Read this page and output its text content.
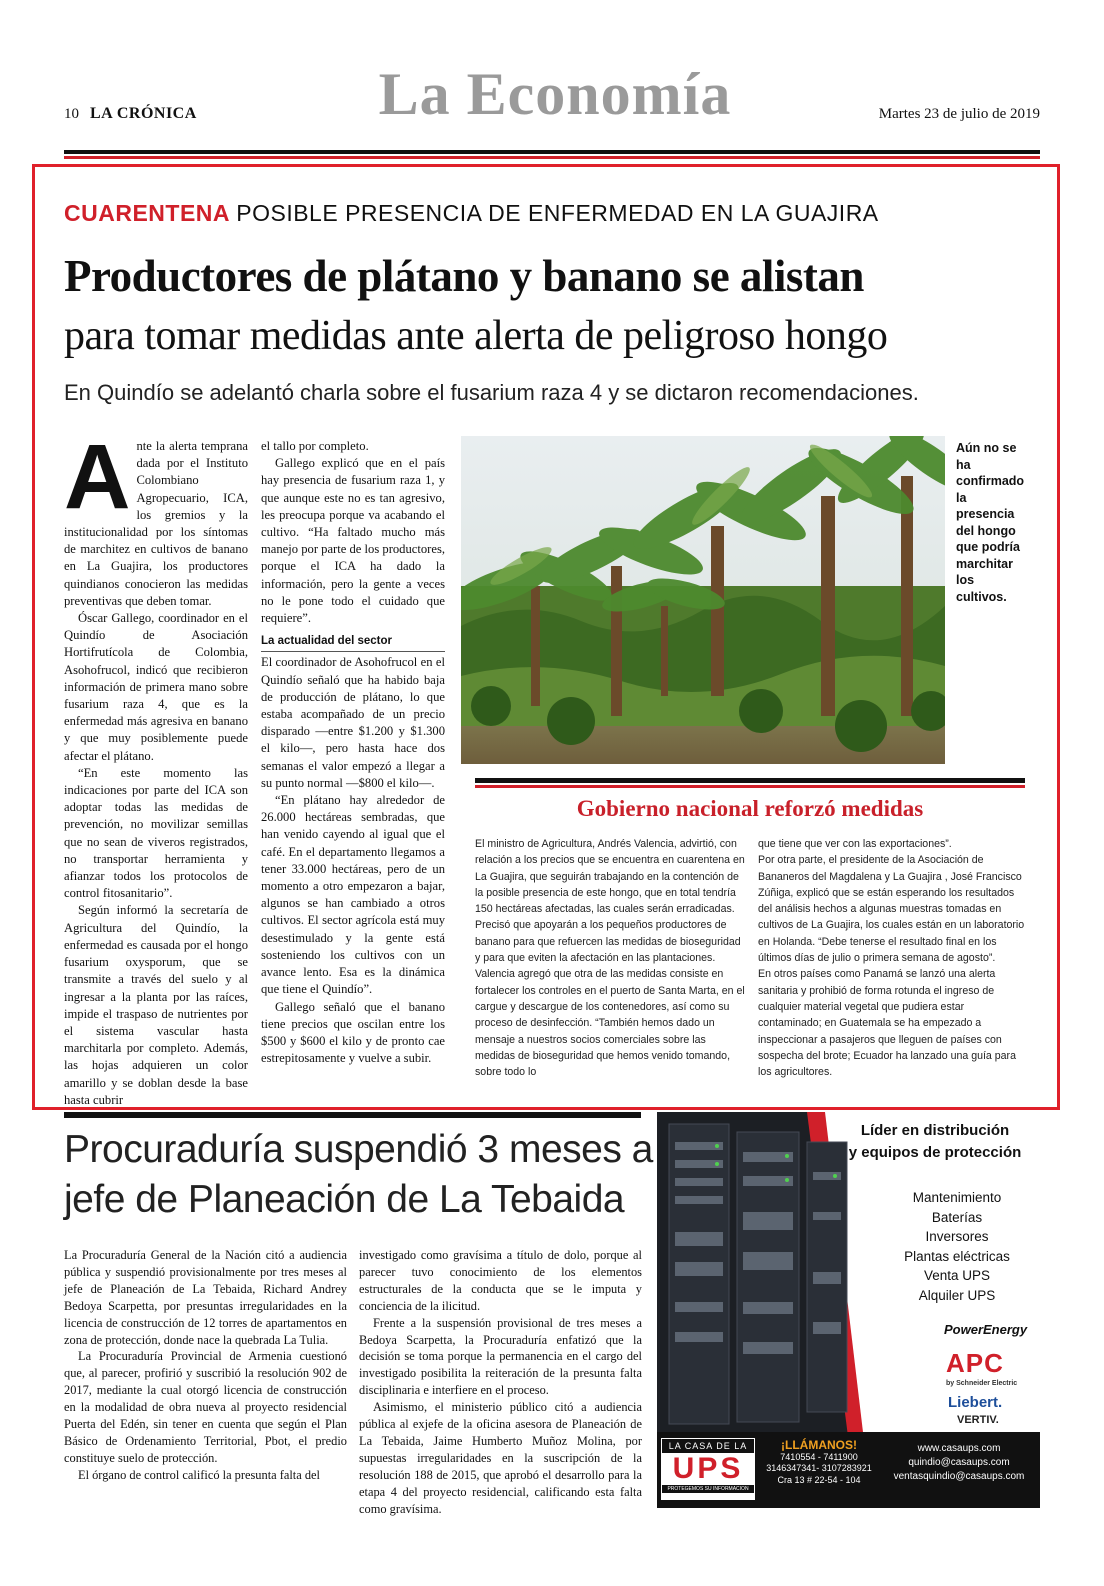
10 LA CRÓNICA	La Economía	Martes 23 de julio de 2019
CUARENTENA POSIBLE PRESENCIA DE ENFERMEDAD EN LA GUAJIRA
Productores de plátano y banano se alistan
para tomar medidas ante alerta de peligroso hongo
En Quindío se adelantó charla sobre el fusarium raza 4 y se dictaron recomendaciones.

Ante la alerta temprana dada por el Instituto Colombiano Agropecuario, ICA, los gremios y la institucionalidad por los síntomas de marchitez en cultivos de banano en La Guajira, los productores quindianos conocieron las medidas preventivas que deben tomar.

Óscar Gallego, coordinador en el Quindío de Asociación Hortifrutícola de Colombia, Asohofrucol, indicó que recibieron información de primera mano sobre fusarium raza 4, que es la enfermedad más agresiva en banano y que muy posiblemente puede afectar el plátano.

“En este momento las indicaciones por parte del ICA son adoptar todas las medidas de prevención, no movilizar semillas que no sean de viveros registrados, no transportar herramienta y afianzar todos los protocolos de control fitosanitario”.

Según informó la secretaría de Agricultura del Quindío, la enfermedad es causada por el hongo fusarium oxysporum, que se transmite a través del suelo y al ingresar a la planta por las raíces, impide el traspaso de nutrientes por el sistema vascular hasta marchitarla por completo. Además, las hojas adquieren un color amarillo y se doblan desde la base hasta cubrir

el tallo por completo.

Gallego explicó que en el país hay presencia de fusarium raza 1, y que aunque este no es tan agresivo, les preocupa porque va acabando el cultivo. “Ha faltado mucho más manejo por parte de los productores, porque el ICA ha dado la información, pero la gente a veces no le pone todo el cuidado que requiere”.

La actualidad del sector

El coordinador de Asohofrucol en el Quindío señaló que ha habido baja de producción de plátano, lo que estaba acompañado de un precio disparado —entre $1.200 y $1.300 el kilo—, pero hasta hace dos semanas el valor empezó a llegar a su punto normal —$800 el kilo—.

“En plátano hay alrededor de 26.000 hectáreas sembradas, que han venido cayendo al igual que el café. En el departamento llegamos a tener 33.000 hectáreas, pero de un momento a otro empezaron a bajar, algunos se han cambiado a otros cultivos. El sector agrícola está muy desestimulado y la gente está sosteniendo los cultivos con un avance lento. Esa es la dinámica que tiene el Quindío”.

Gallego señaló que el banano tiene precios que oscilan entre los $500 y $600 el kilo y de pronto cae estrepitosamente y vuelve a subir.

Aún no se ha confirmado la presencia del hongo que podría marchitar los cultivos.
Gobierno nacional reforzó medidas

El ministro de Agricultura, Andrés Valencia, advirtió, con relación a los precios que se encuentra en cuarentena en La Guajira, que seguirán trabajando en la contención de la posible presencia de este hongo, que en total tendría 150 hectáreas afectadas, las cuales serán erradicadas.

Precisó que apoyarán a los pequeños productores de banano para que refuercen las medidas de bioseguridad y para que eviten la afectación en las plantaciones.

Valencia agregó que otra de las medidas consiste en fortalecer los controles en el puerto de Santa Marta, en el cargue y descargue de los contenedores, así como su proceso de desinfección. “También hemos dado un mensaje a nuestros socios comerciales sobre las medidas de bioseguridad que hemos venido tomando, sobre todo lo

que tiene que ver con las exportaciones”.

Por otra parte, el presidente de la Asociación de Bananeros del Magdalena y La Guajira , José Francisco Zúñiga, explicó que se están esperando los resultados del análisis hechos a algunas muestras tomadas en cultivos de La Guajira, los cuales están en un laboratorio en Holanda. “Debe tenerse el resultado final en los últimos días de julio o primera semana de agosto”.

En otros países como Panamá se lanzó una alerta sanitaria y prohibió de forma rotunda el ingreso de cualquier material vegetal que pudiera estar contaminado; en Guatemala se ha empezado a inspeccionar a pasajeros que lleguen de países con sospecha del brote; Ecuador ha lanzado una guía para los agricultores.

Procuraduría suspendió 3 meses a
jefe de Planeación de La Tebaida

La Procuraduría General de la Nación citó a audiencia pública y suspendió provisionalmente por tres meses al jefe de Planeación de La Tebaida, Richard Andrey Bedoya Scarpetta, por presuntas irregularidades en la licencia de construcción de 12 torres de apartamentos en zona de protección, donde nace la quebrada La Tulia.

La Procuraduría Provincial de Armenia cuestionó que, al parecer, profirió y suscribió la resolución 902 de 2017, mediante la cual otorgó licencia de construcción en la modalidad de obra nueva al proyecto residencial Puerta del Edén, sin tener en cuenta que según el Plan Básico de Ordenamiento Territorial, Pbot, el predio constituye suelo de protección.

El órgano de control calificó la presunta falta del

investigado como gravísima a título de dolo, porque al parecer tuvo conocimiento de los elementos estructurales de la conducta que se le imputa y conciencia de la ilicitud.

Frente a la suspensión provisional de tres meses a Bedoya Scarpetta, la Procuraduría enfatizó que la decisión se toma porque la permanencia en el cargo del investigado posibilita la reiteración de la presunta falta disciplinaria e interfiere en el proceso.

Asimismo, el ministerio público citó a audiencia pública al exjefe de la oficina asesora de Planeación de La Tebaida, Jaime Humberto Muñoz Molina, por supuestas irregularidades en la suscripción de la resolución 188 de 2015, que aprobó el desarrollo para la etapa 4 del proyecto residencial, calificando esta falta como gravísima.

Líder en distribución
y equipos de protección
Mantenimiento
Baterías
Inversores
Plantas eléctricas
Venta UPS
Alquiler UPS
PowerEnergy
APC
by Schneider Electric
Liebert.
VERTIV.
LA CASA DE LA
UPS
PROTEGEMOS SU INFORMACION
¡LLÁMANOS!
7410554 - 7411900
3146347341- 3107283921
Cra 13 # 22-54 - 104
www.casaups.com
quindio@casaups.com
ventasquindio@casaups.com
